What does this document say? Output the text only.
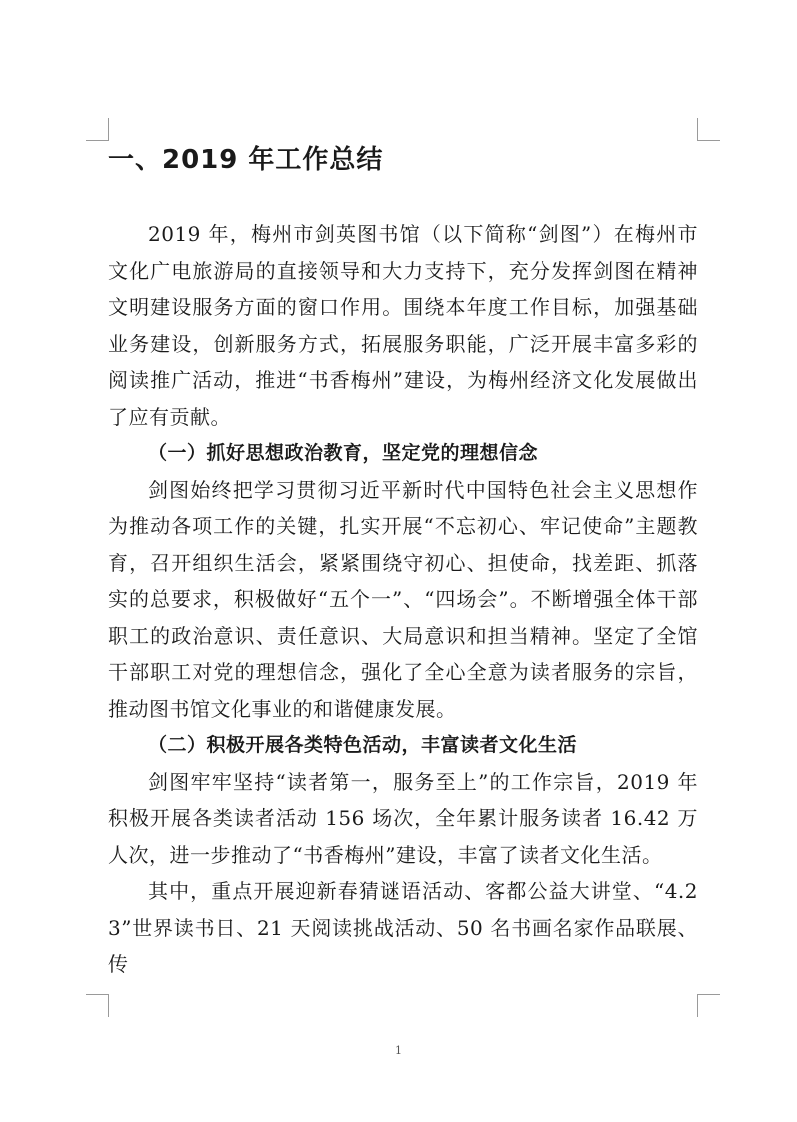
一、2019 年工作总结

2019 年，梅州市剑英图书馆（以下简称“剑图”）在梅州市文化广电旅游局的直接领导和大力支持下，充分发挥剑图在精神文明建设服务方面的窗口作用。围绕本年度工作目标，加强基础业务建设，创新服务方式，拓展服务职能，广泛开展丰富多彩的阅读推广活动，推进“书香梅州”建设，为梅州经济文化发展做出了应有贡献。

（一）抓好思想政治教育，坚定党的理想信念

剑图始终把学习贯彻习近平新时代中国特色社会主义思想作为推动各项工作的关键，扎实开展“不忘初心、牢记使命”主题教育，召开组织生活会，紧紧围绕守初心、担使命，找差距、抓落实的总要求，积极做好“五个一”、“四场会”。不断增强全体干部职工的政治意识、责任意识、大局意识和担当精神。坚定了全馆干部职工对党的理想信念，强化了全心全意为读者服务的宗旨，推动图书馆文化事业的和谐健康发展。

（二）积极开展各类特色活动，丰富读者文化生活

剑图牢牢坚持“读者第一，服务至上”的工作宗旨，2019 年积极开展各类读者活动 156 场次，全年累计服务读者 16.42 万人次，进一步推动了“书香梅州”建设，丰富了读者文化生活。

其中，重点开展迎新春猜谜语活动、客都公益大讲堂、“4.23”世界读书日、21 天阅读挑战活动、50 名书画名家作品联展、传

1
